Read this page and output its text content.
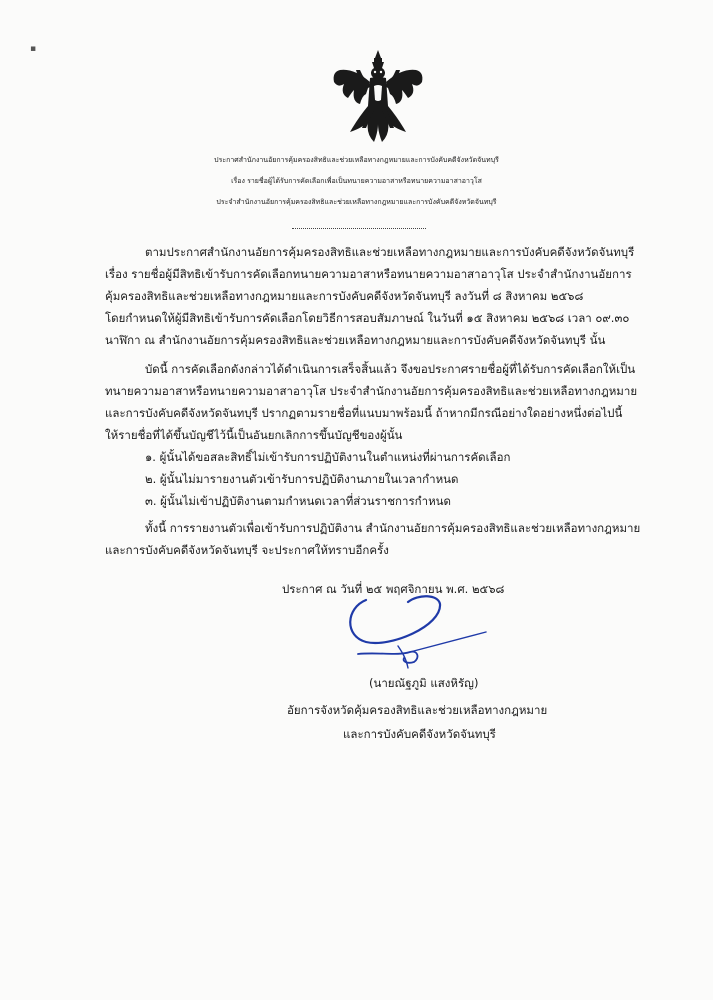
▪
ประกาศสำนักงานอัยการคุ้มครองสิทธิและช่วยเหลือทางกฎหมายและการบังคับคดีจังหวัดจันทบุรี
เรื่อง รายชื่อผู้ได้รับการคัดเลือกเพื่อเป็นทนายความอาสาหรือทนายความอาสาอาวุโส
ประจำสำนักงานอัยการคุ้มครองสิทธิและช่วยเหลือทางกฎหมายและการบังคับคดีจังหวัดจันทบุรี
ตามประกาศสำนักงานอัยการคุ้มครองสิทธิและช่วยเหลือทางกฎหมายและการบังคับคดีจังหวัดจันทบุรี
เรื่อง รายชื่อผู้มีสิทธิเข้ารับการคัดเลือกทนายความอาสาหรือทนายความอาสาอาวุโส ประจำสำนักงานอัยการ
คุ้มครองสิทธิและช่วยเหลือทางกฎหมายและการบังคับคดีจังหวัดจันทบุรี ลงวันที่ ๘ สิงหาคม ๒๕๖๘
โดยกำหนดให้ผู้มีสิทธิเข้ารับการคัดเลือกโดยวิธีการสอบสัมภาษณ์ ในวันที่ ๑๕ สิงหาคม ๒๕๖๘ เวลา ๐๙.๓๐
นาฬิกา ณ สำนักงานอัยการคุ้มครองสิทธิและช่วยเหลือทางกฎหมายและการบังคับคดีจังหวัดจันทบุรี นั้น
บัดนี้ การคัดเลือกดังกล่าวได้ดำเนินการเสร็จสิ้นแล้ว จึงขอประกาศรายชื่อผู้ที่ได้รับการคัดเลือกให้เป็น
ทนายความอาสาหรือทนายความอาสาอาวุโส ประจำสำนักงานอัยการคุ้มครองสิทธิและช่วยเหลือทางกฎหมาย
และการบังคับคดีจังหวัดจันทบุรี ปรากฏตามรายชื่อที่แนบมาพร้อมนี้ ถ้าหากมีกรณีอย่างใดอย่างหนึ่งต่อไปนี้
ให้รายชื่อที่ได้ขึ้นบัญชีไว้นี้เป็นอันยกเลิกการขึ้นบัญชีของผู้นั้น
๑. ผู้นั้นได้ขอสละสิทธิ์ไม่เข้ารับการปฏิบัติงานในตำแหน่งที่ผ่านการคัดเลือก
๒. ผู้นั้นไม่มารายงานตัวเข้ารับการปฏิบัติงานภายในเวลากำหนด
๓. ผู้นั้นไม่เข้าปฏิบัติงานตามกำหนดเวลาที่ส่วนราชการกำหนด
ทั้งนี้ การรายงานตัวเพื่อเข้ารับการปฏิบัติงาน สำนักงานอัยการคุ้มครองสิทธิและช่วยเหลือทางกฎหมาย
และการบังคับคดีจังหวัดจันทบุรี จะประกาศให้ทราบอีกครั้ง
ประกาศ ณ วันที่ ๒๕ พฤศจิกายน พ.ศ. ๒๕๖๘
(นายณัฐภูมิ แสงหิรัญ)
อัยการจังหวัดคุ้มครองสิทธิและช่วยเหลือทางกฎหมาย
และการบังคับคดีจังหวัดจันทบุรี
